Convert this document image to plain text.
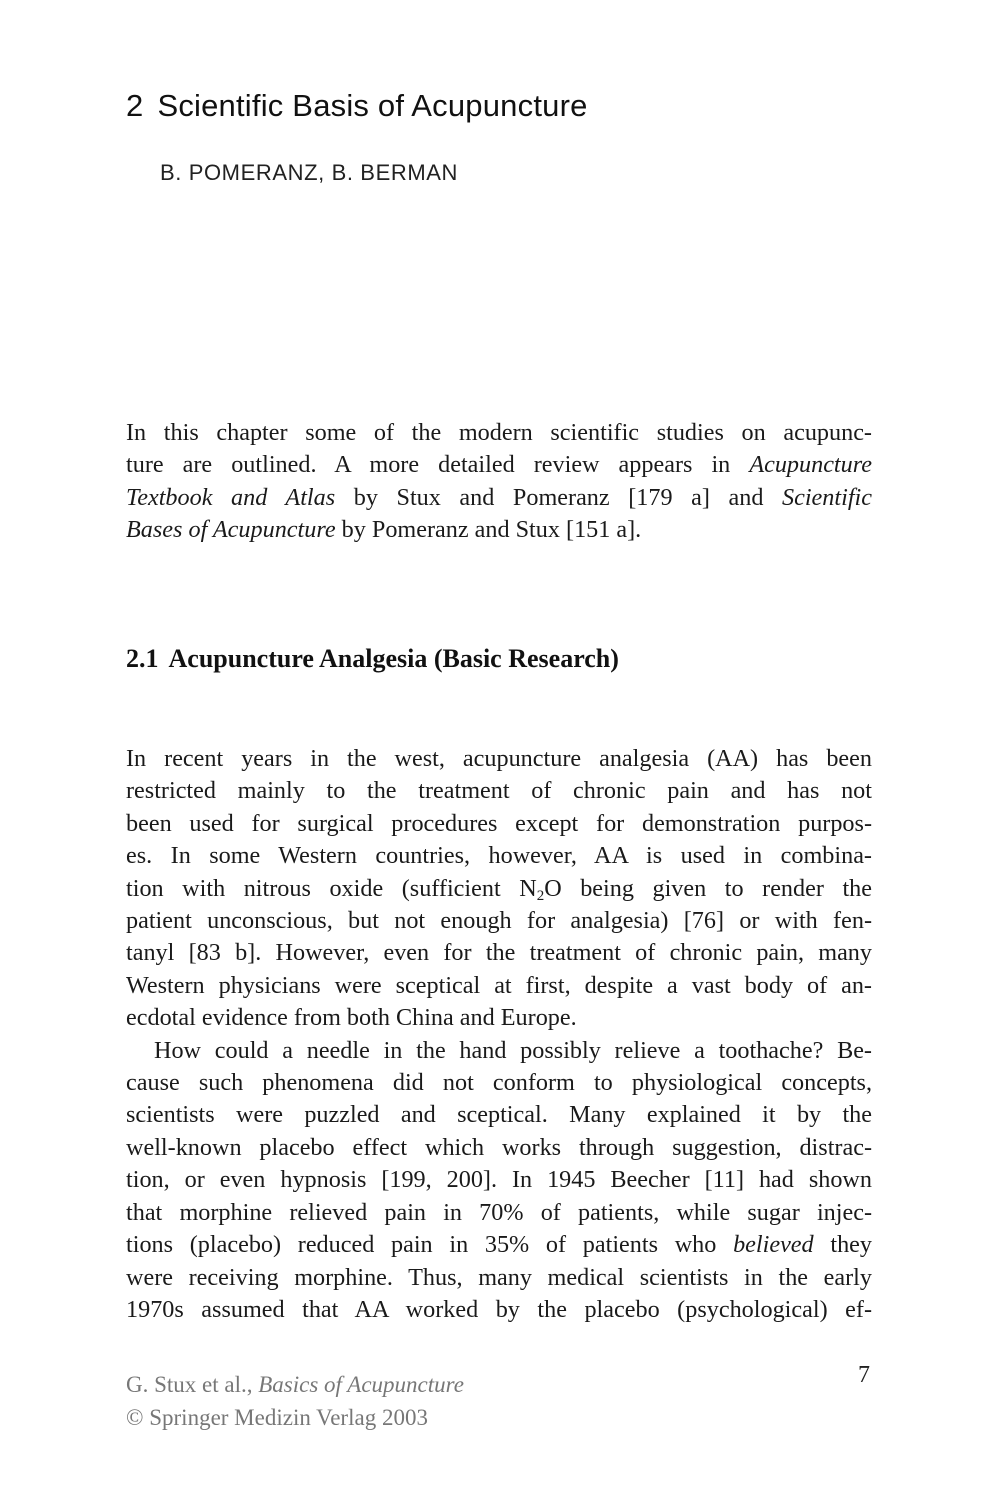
2 Scientific Basis of Acupuncture

B. POMERANZ, B. BERMAN

In this chapter some of the modern scientific studies on acupunc-
ture are outlined. A more detailed review appears in Acupuncture
Textbook and Atlas by Stux and Pomeranz [179 a] and Scientific
Bases of Acupuncture by Pomeranz and Stux [151 a].
2.1 Acupuncture Analgesia (Basic Research)
In recent years in the west, acupuncture analgesia (AA) has been
restricted mainly to the treatment of chronic pain and has not
been used for surgical procedures except for demonstration purpos-
es. In some Western countries, however, AA is used in combina-
tion with nitrous oxide (sufficient $N_2O$ being given to render the
patient unconscious, but not enough for analgesia) [76] or with fen-
tanyl [83 b]. However, even for the treatment of chronic pain, many
Western physicians were sceptical at first, despite a vast body of an-
ecdotal evidence from both China and Europe.
How could a needle in the hand possibly relieve a toothache? Be-
cause such phenomena did not conform to physiological concepts,
scientists were puzzled and sceptical. Many explained it by the
well-known placebo effect which works through suggestion, distrac-
tion, or even hypnosis [199, 200]. In 1945 Beecher [11] had shown
that morphine relieved pain in 70% of patients, while sugar injec-
tions (placebo) reduced pain in 35% of patients who believed they
were receiving morphine. Thus, many medical scientists in the early
1970s assumed that AA worked by the placebo (psychological) ef-
G. Stux et al., Basics of Acupuncture
© Springer Medizin Verlag 2003
7
